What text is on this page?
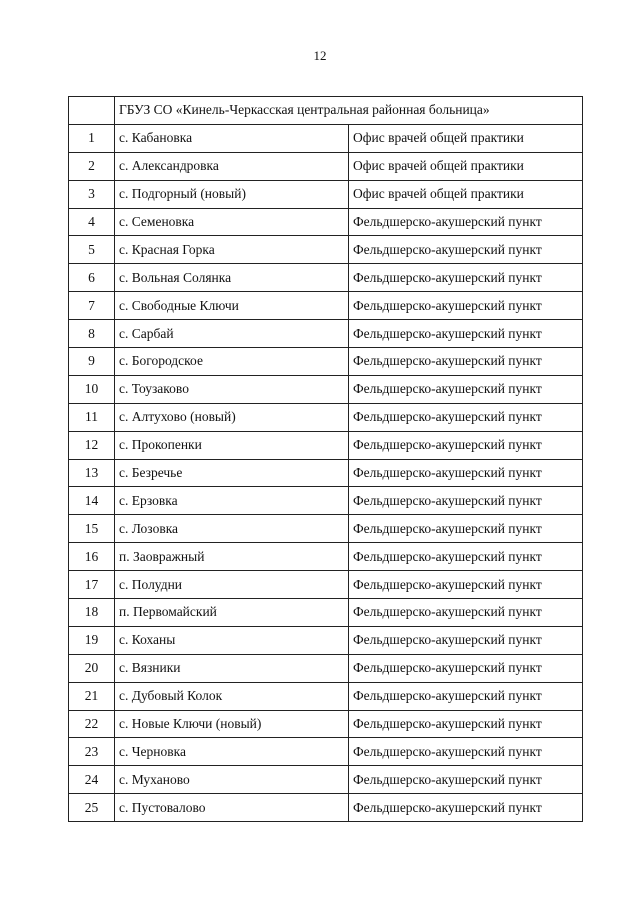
12
	ГБУЗ СО «Кинель-Черкасская центральная районная больница»	
1	с. Кабановка	Офис врачей общей практики
2	с. Александровка	Офис врачей общей практики
3	с. Подгорный (новый)	Офис врачей общей практики
4	с. Семеновка	Фельдшерско-акушерский пункт
5	с. Красная Горка	Фельдшерско-акушерский пункт
6	с. Вольная Солянка	Фельдшерско-акушерский пункт
7	с. Свободные Ключи	Фельдшерско-акушерский пункт
8	с. Сарбай	Фельдшерско-акушерский пункт
9	с. Богородское	Фельдшерско-акушерский пункт
10	с. Тоузаково	Фельдшерско-акушерский пункт
11	с. Алтухово (новый)	Фельдшерско-акушерский пункт
12	с. Прокопенки	Фельдшерско-акушерский пункт
13	с. Безречье	Фельдшерско-акушерский пункт
14	с. Ерзовка	Фельдшерско-акушерский пункт
15	с. Лозовка	Фельдшерско-акушерский пункт
16	п. Заовражный	Фельдшерско-акушерский пункт
17	с. Полудни	Фельдшерско-акушерский пункт
18	п. Первомайский	Фельдшерско-акушерский пункт
19	с. Коханы	Фельдшерско-акушерский пункт
20	с. Вязники	Фельдшерско-акушерский пункт
21	с. Дубовый Колок	Фельдшерско-акушерский пункт
22	с. Новые Ключи (новый)	Фельдшерско-акушерский пункт
23	с. Черновка	Фельдшерско-акушерский пункт
24	с. Муханово	Фельдшерско-акушерский пункт
25	с. Пустовалово	Фельдшерско-акушерский пункт
